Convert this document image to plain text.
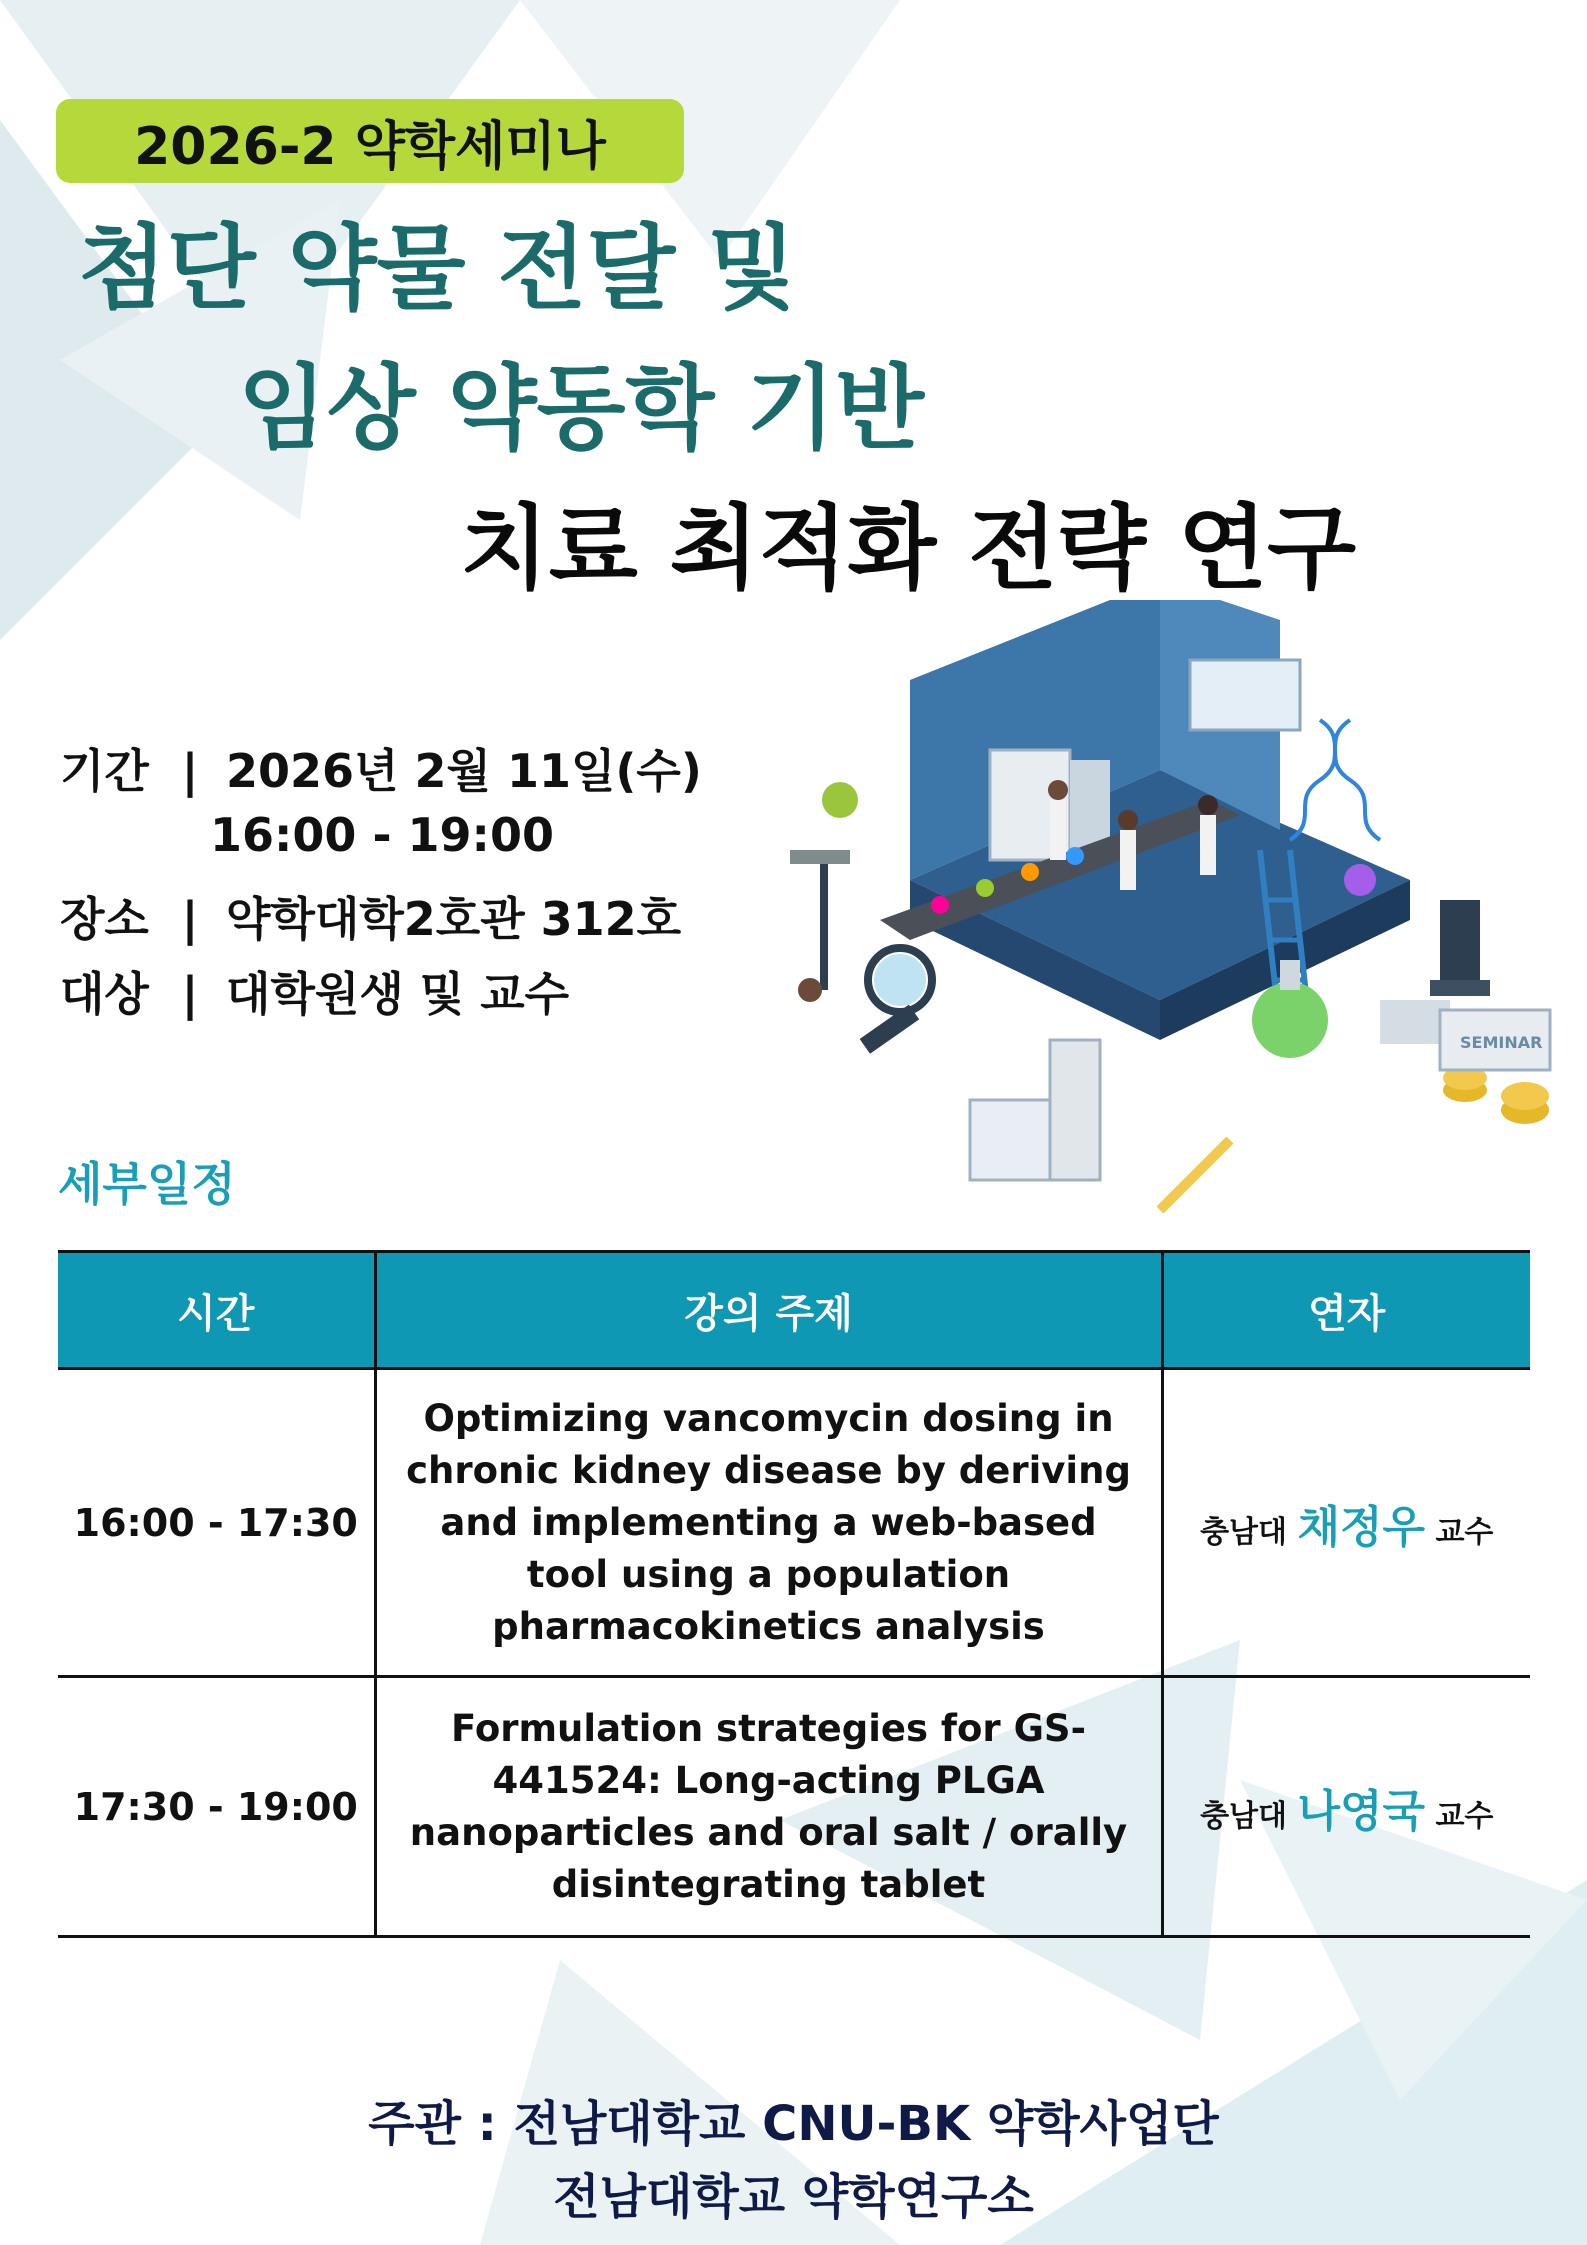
2026-2 약학세미나
첨단 약물 전달 및
임상 약동학 기반
치료 최적화 전략 연구
기간 | 2026년 2월 11일(수)
16:00 - 19:00
장소 | 약학대학2호관 312호
대상 | 대학원생 및 교수
SEMINAR
세부일정
시간	강의 주제	연자
16:00 - 17:30	Optimizing vancomycin dosing in chronic kidney disease by deriving and implementing a web-based tool using a population pharmacokinetics analysis	충남대 채정우 교수
17:30 - 19:00	Formulation strategies for GS-441524: Long-acting PLGA nanoparticles and oral salt / orally disintegrating tablet	충남대 나영국 교수
주관 : 전남대학교 CNU-BK 약학사업단
전남대학교 약학연구소
